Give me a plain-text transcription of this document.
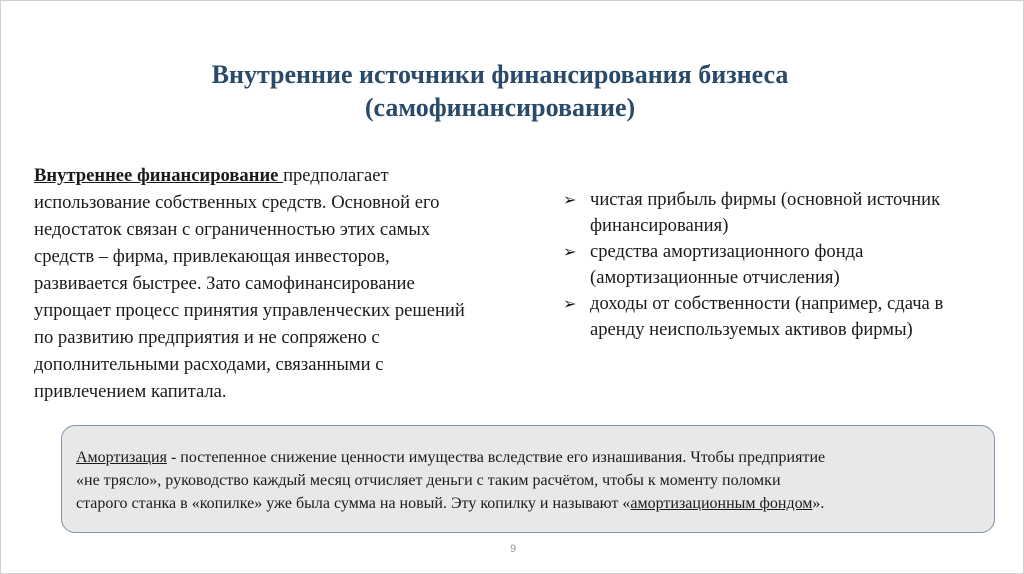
Внутренние источники финансирования бизнеса
(самофинансирование)
Внутреннее финансирование предполагает
использование собственных средств. Основной его
недостаток связан с ограниченностью этих самых
средств – фирма, привлекающая инвесторов,
развивается быстрее. Зато самофинансирование
упрощает процесс принятия управленческих решений
по развитию предприятия и не сопряжено с
дополнительными расходами, связанными с
привлечением капитала.
➢ чистая прибыль фирмы (основной источник
финансирования)
➢ средства амортизационного фонда
(амортизационные отчисления)
➢ доходы от собственности (например, сдача в
аренду неиспользуемых активов фирмы)
Амортизация - постепенное снижение ценности имущества вследствие его изнашивания. Чтобы предприятие
«не трясло», руководство каждый месяц отчисляет деньги с таким расчётом, чтобы к моменту поломки
старого станка в «копилке» уже была сумма на новый. Эту копилку и называют «амортизационным фондом».
9
